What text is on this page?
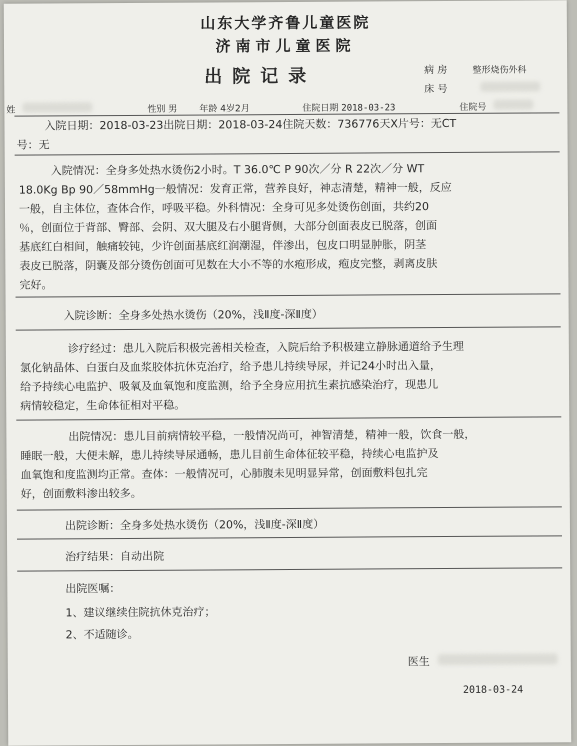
山东大学齐鲁儿童医院
济南市儿童医院
出院记录	病 房	整形烧伤外科
床 号
姓	性别 男 年龄 4岁2月	住院日期 2018-03-23	住院号
入院日期：2018-03-23出院日期：2018-03-24住院天数：736776天X片号：无CT
号：无

入院情况：全身多处热水烫伤2小时。T 36.0℃ P 90次／分 R 22次／分 WT

18.0Kg Bp 90／58mmHg一般情况：发育正常，营养良好，神志清楚，精神一般，反应

一般，自主体位，查体合作，呼吸平稳。外科情况：全身可见多处烫伤创面，共约20

％，创面位于背部、臀部、会阴、双大腿及右小腿背侧，大部分创面表皮已脱落，创面

基底红白相间，触痛较钝，少许创面基底红润潮湿，伴渗出，包皮口明显肿胀，阴茎

表皮已脱落，阴囊及部分烫伤创面可见数在大小不等的水疱形成，疱皮完整，剥离皮肤

完好。

入院诊断：全身多处热水烫伤（20%，浅Ⅱ度-深Ⅱ度）

诊疗经过：患儿入院后积极完善相关检查，入院后给予积极建立静脉通道给予生理

氯化钠晶体、白蛋白及血浆胶体抗休克治疗，给予患儿持续导尿，并记24小时出入量，

给予持续心电监护、吸氧及血氧饱和度监测，给予全身应用抗生素抗感染治疗，现患儿

病情较稳定，生命体征相对平稳。

出院情况：患儿目前病情较平稳，一般情况尚可，神智清楚，精神一般，饮食一般，

睡眠一般，大便未解，患儿持续导尿通畅，患儿目前生命体征较平稳，持续心电监护及

血氧饱和度监测均正常。查体：一般情况可，心肺腹未见明显异常，创面敷料包扎完

好，创面敷料渗出较多。

出院诊断：全身多处热水烫伤（20%，浅Ⅱ度-深Ⅱ度）
治疗结果：自动出院
出院医嘱：
1、建议继续住院抗休克治疗；
2、不适随诊。
医生
2018-03-24
